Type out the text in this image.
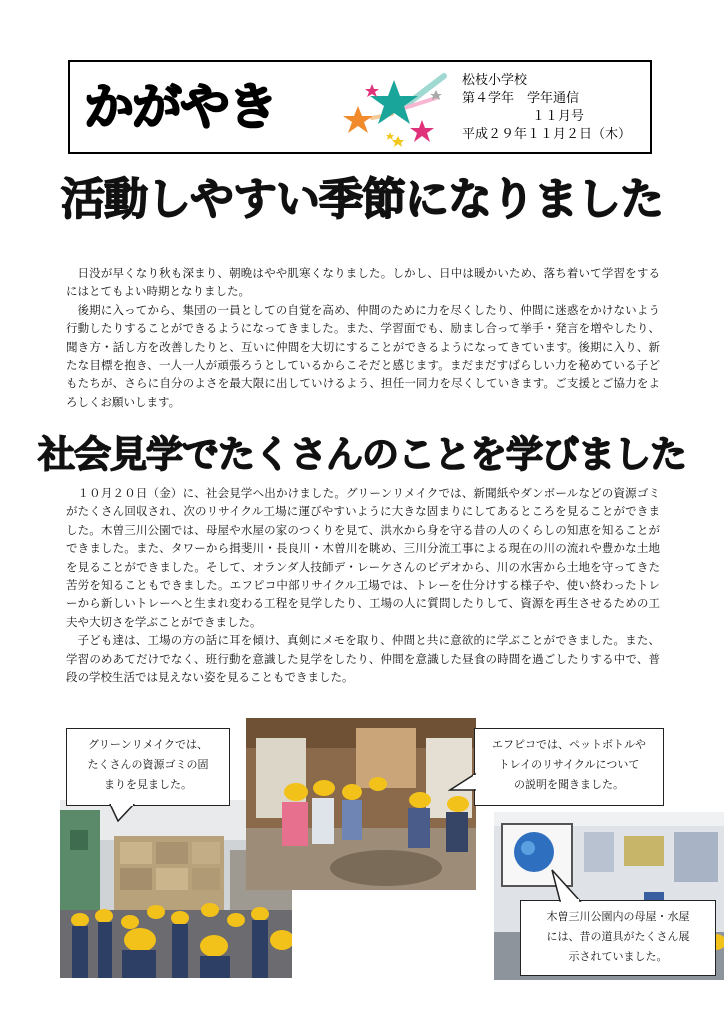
かがやき	松枝小学校
第４学年　学年通信
１１月号
平成２９年１１月２日（木）
活動しやすい季節になりました

日没が早くなり秋も深まり、朝晩はやや肌寒くなりました。しかし、日中は暖かいため、落ち着いて学習をするにはとてもよい時期となりました。

後期に入ってから、集団の一員としての自覚を高め、仲間のために力を尽くしたり、仲間に迷惑をかけないよう行動したりすることができるようになってきました。また、学習面でも、励まし合って挙手・発言を増やしたり、聞き方・話し方を改善したりと、互いに仲間を大切にすることができるようになってきています。後期に入り、新たな目標を抱き、一人一人が頑張ろうとしているからこそだと感じます。まだまだすばらしい力を秘めている子どもたちが、さらに自分のよさを最大限に出していけるよう、担任一同力を尽くしていきます。ご支援とご協力をよろしくお願いします。

社会見学でたくさんのことを学びました

１０月２０日（金）に、社会見学へ出かけました。グリーンリメイクでは、新聞紙やダンボールなどの資源ゴミがたくさん回収され、次のリサイクル工場に運びやすいように大きな固まりにしてあるところを見ることができました。木曽三川公園では、母屋や水屋の家のつくりを見て、洪水から身を守る昔の人のくらしの知恵を知ることができました。また、タワーから揖斐川・長良川・木曽川を眺め、三川分流工事による現在の川の流れや豊かな土地を見ることができました。そして、オランダ人技師デ・レーケさんのビデオから、川の水害から土地を守ってきた苦労を知ることもできました。エフピコ中部リサイクル工場では、トレーを仕分けする様子や、使い終わったトレーから新しいトレーへと生まれ変わる工程を見学したり、工場の人に質問したりして、資源を再生させるための工夫や大切さを学ぶことができました。

子ども達は、工場の方の話に耳を傾け、真剣にメモを取り、仲間と共に意欲的に学ぶことができました。また、学習のめあてだけでなく、班行動を意識した見学をしたり、仲間を意識した昼食の時間を過ごしたりする中で、普段の学校生活では見えない姿を見ることもできました。

グリーンリメイクでは、
たくさんの資源ゴミの固
まりを見ました。
エフピコでは、ペットボトルや
トレイのリサイクルについて
の説明を聞きました。
木曽三川公園内の母屋・水屋
には、昔の道具がたくさん展
示されていました。
